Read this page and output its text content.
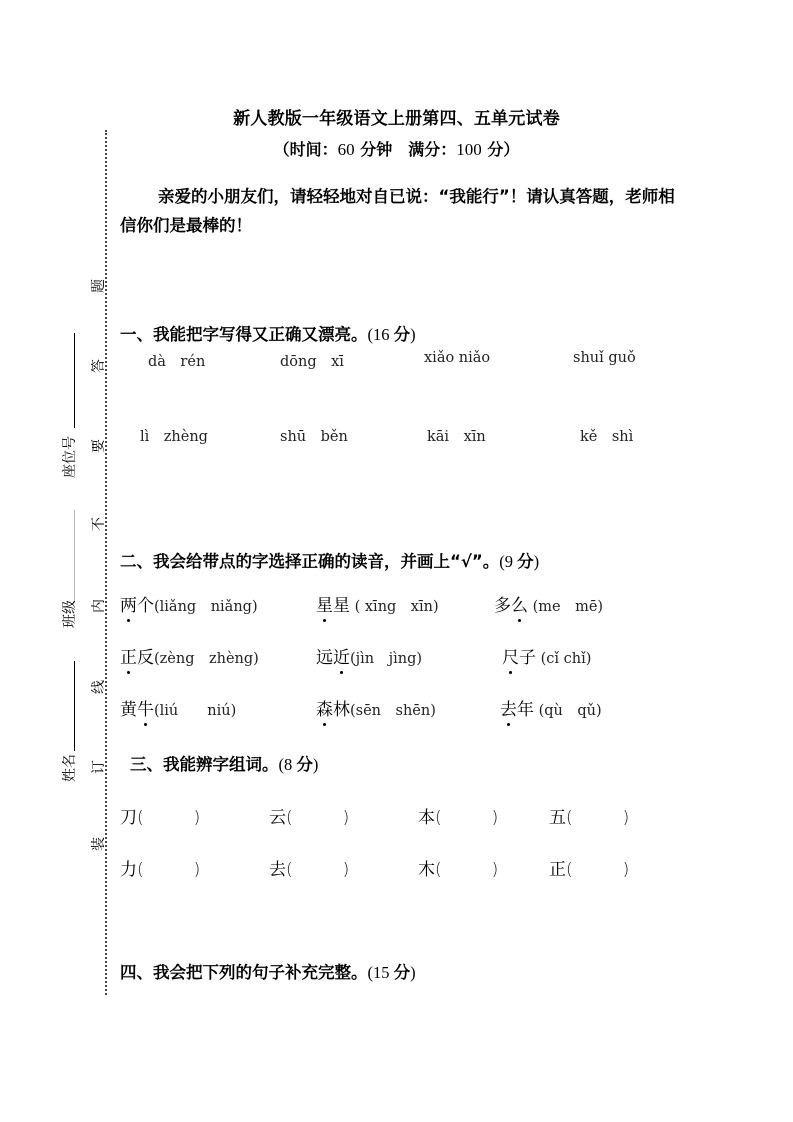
题
答
要
不
内
线
订
装
座位号
班级
姓名
新人教版一年级语文上册第四、五单元试卷
（时间：60 分钟　满分：100 分）
亲爱的小朋友们，请轻轻地对自已说：“我能行”！请认真答题，老师相信你们是最棒的！
一、我能把字写得又正确又漂亮。(16 分)
dà　rén	dōng　xī	xiǎo niǎo	shuǐ guǒ
lì　zhèng	shū　běn	kāi　xīn	kě　shì
二、我会给带点的字选择正确的读音，并画上“√”。(9 分)
两个(liǎng　niǎng)	星星 ( xīng　xīn)	多么 (me　mē)
正反(zèng　zhèng)	远近(jìn　jìng)	尺子 (cǐ chǐ)
黄牛(liú　　niú)	森林(sēn　shēn)	去年 (qù　qǔ)
三、我能辨字组词。(8 分)
刀(	)	云(	)	本(	)	五(	)
力(	)	去(	)	木(	)	正(	)
四、我会把下列的句子补充完整。(15 分)
